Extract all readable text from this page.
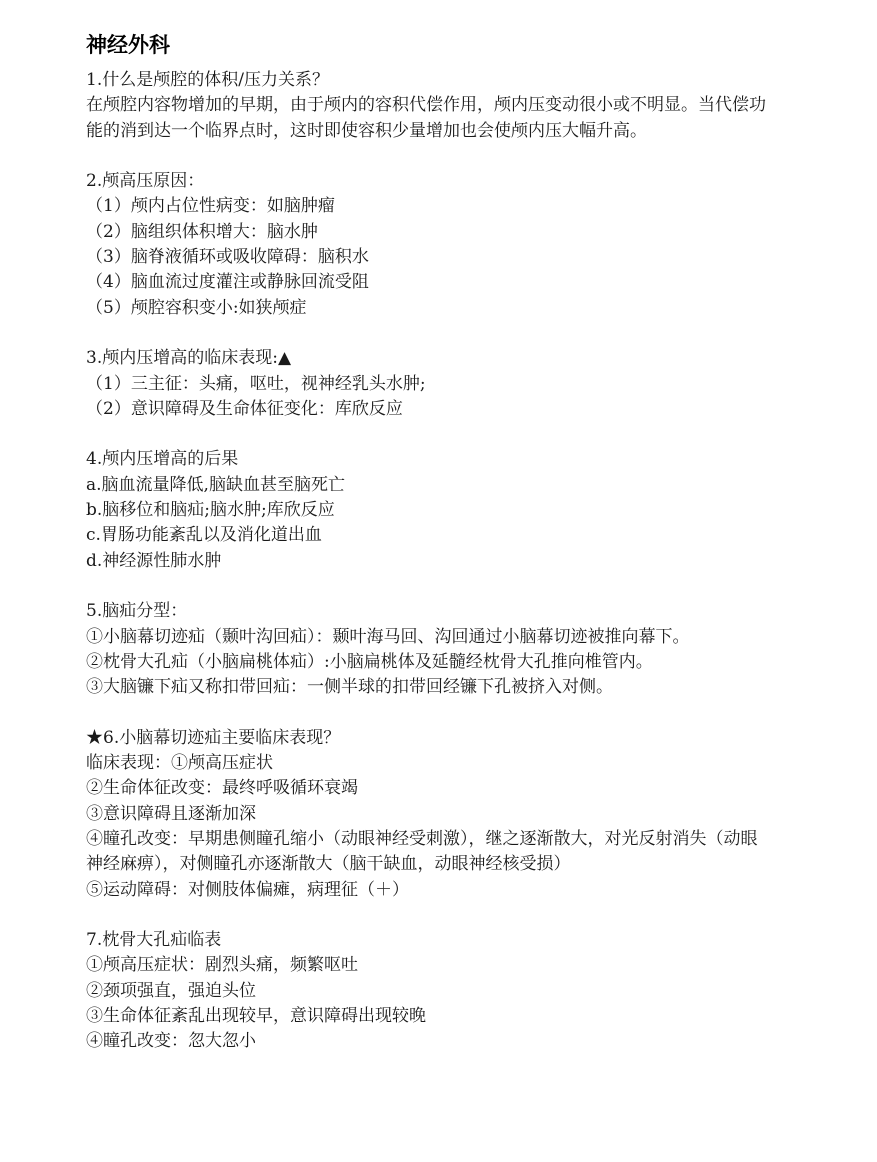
神经外科
1.什么是颅腔的体积/压力关系？
在颅腔内容物增加的早期，由于颅内的容积代偿作用，颅内压变动很小或不明显。当代偿功能的消到达一个临界点时，这时即使容积少量增加也会使颅内压大幅升高。
2.颅高压原因：
（1）颅内占位性病变：如脑肿瘤
（2）脑组织体积增大：脑水肿
（3）脑脊液循环或吸收障碍：脑积水
（4）脑血流过度灌注或静脉回流受阻
（5）颅腔容积变小:如狭颅症
3.颅内压增高的临床表现:▲
（1）三主征：头痛，呕吐，视神经乳头水肿;
（2）意识障碍及生命体征变化：库欣反应
4.颅内压增高的后果
a.脑血流量降低,脑缺血甚至脑死亡
b.脑移位和脑疝;脑水肿;库欣反应
c.胃肠功能紊乱以及消化道出血
d.神经源性肺水肿
5.脑疝分型：
①小脑幕切迹疝（颞叶沟回疝）：颞叶海马回、沟回通过小脑幕切迹被推向幕下。
②枕骨大孔疝（小脑扁桃体疝）:小脑扁桃体及延髓经枕骨大孔推向椎管内。
③大脑镰下疝又称扣带回疝：一侧半球的扣带回经镰下孔被挤入对侧。
★6.小脑幕切迹疝主要临床表现？
临床表现：①颅高压症状
②生命体征改变：最终呼吸循环衰竭
③意识障碍且逐渐加深
④瞳孔改变：早期患侧瞳孔缩小（动眼神经受刺激），继之逐渐散大，对光反射消失（动眼神经麻痹），对侧瞳孔亦逐渐散大（脑干缺血，动眼神经核受损）
⑤运动障碍：对侧肢体偏瘫，病理征（＋）
7.枕骨大孔疝临表
①颅高压症状：剧烈头痛，频繁呕吐
②颈项强直，强迫头位
③生命体征紊乱出现较早，意识障碍出现较晚
④瞳孔改变：忽大忽小
